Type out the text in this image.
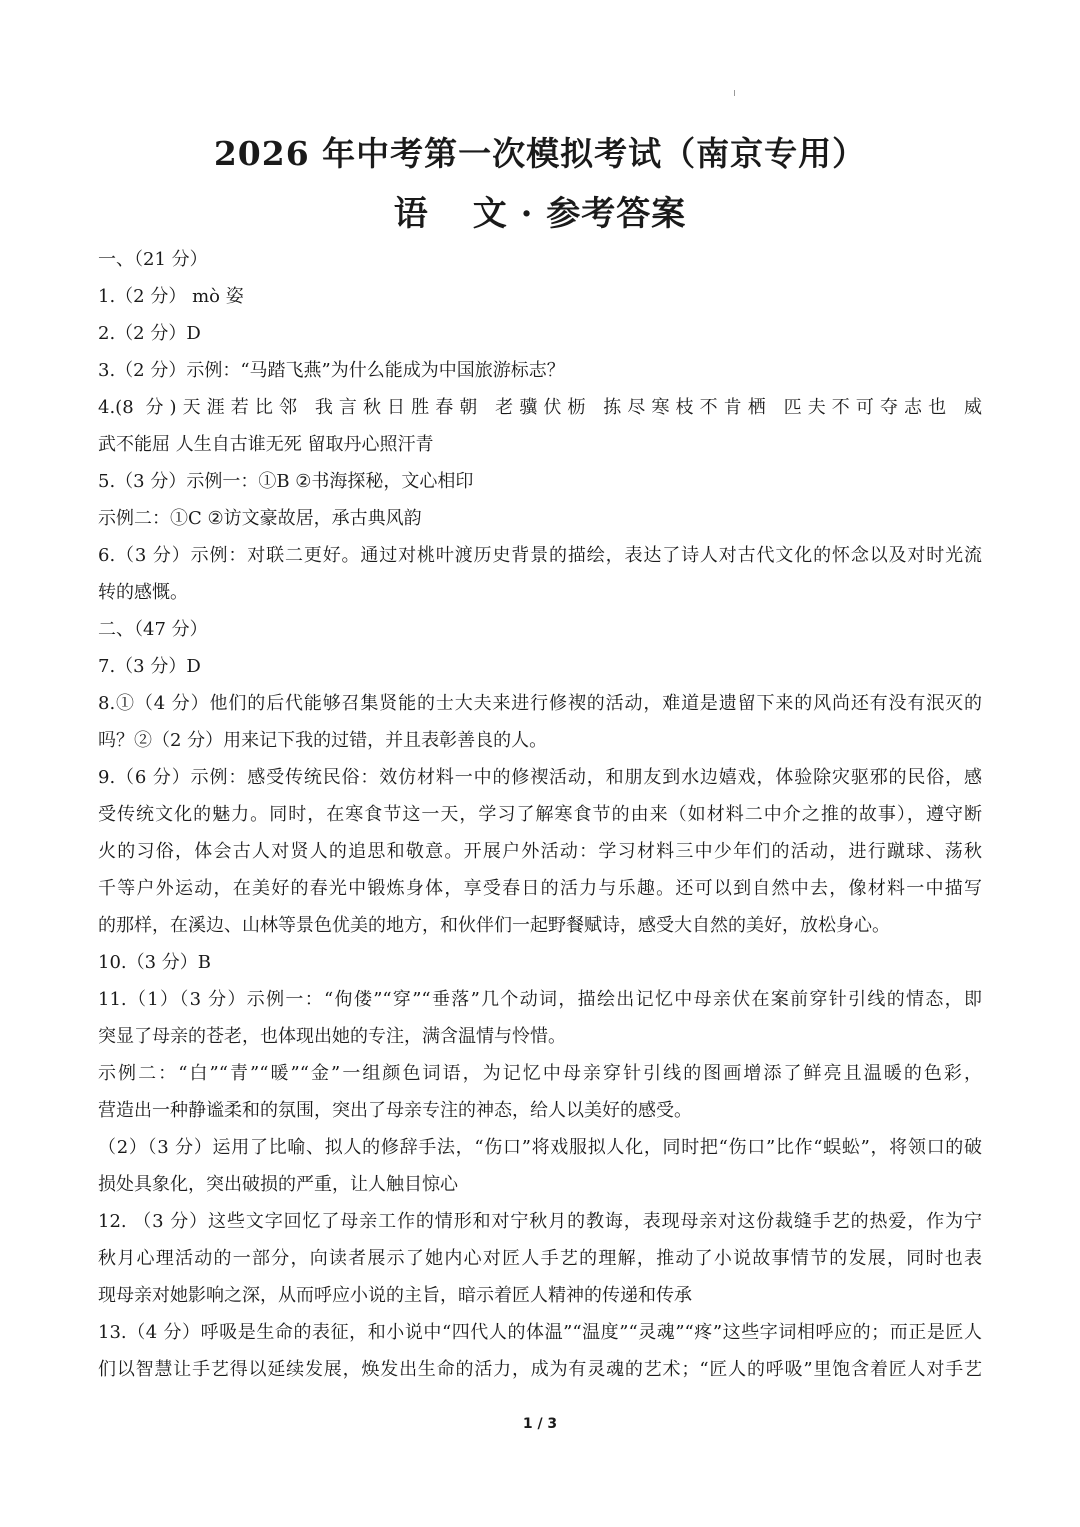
2026 年中考第一次模拟考试（南京专用）
语 文 · 参考答案
一、（21 分）
1.（2 分） mò 姿
2.（2 分）D
3.（2 分）示例：“马踏飞燕”为什么能成为中国旅游标志？
4.(8 分)天涯若比邻 我言秋日胜春朝 老骥伏枥 拣尽寒枝不肯栖 匹夫不可夺志也 威
武不能屈 人生自古谁无死 留取丹心照汗青
5.（3 分）示例一：①B ②书海探秘，文心相印
示例二：①C ②访文豪故居，承古典风韵
6.（3 分）示例：对联二更好。通过对桃叶渡历史背景的描绘，表达了诗人对古代文化的怀念以及对时光流
转的感慨。
二、（47 分）
7.（3 分）D
8.①（4 分）他们的后代能够召集贤能的士大夫来进行修禊的活动，难道是遗留下来的风尚还有没有泯灭的
吗？②（2 分）用来记下我的过错，并且表彰善良的人。
9.（6 分）示例：感受传统民俗：效仿材料一中的修禊活动，和朋友到水边嬉戏，体验除灾驱邪的民俗，感
受传统文化的魅力。同时，在寒食节这一天，学习了解寒食节的由来（如材料二中介之推的故事），遵守断
火的习俗，体会古人对贤人的追思和敬意。开展户外活动：学习材料三中少年们的活动，进行蹴球、荡秋
千等户外运动，在美好的春光中锻炼身体，享受春日的活力与乐趣。还可以到自然中去，像材料一中描写
的那样，在溪边、山林等景色优美的地方，和伙伴们一起野餐赋诗，感受大自然的美好，放松身心。
10.（3 分）B
11.（1）（3 分）示例一：“佝偻”“穿”“垂落”几个动词，描绘出记忆中母亲伏在案前穿针引线的情态，即
突显了母亲的苍老，也体现出她的专注，满含温情与怜惜。
示例二：“白”“青”“暖”“金”一组颜色词语，为记忆中母亲穿针引线的图画增添了鲜亮且温暖的色彩，
营造出一种静谧柔和的氛围，突出了母亲专注的神态，给人以美好的感受。
（2）（3 分）运用了比喻、拟人的修辞手法，“伤口”将戏服拟人化，同时把“伤口”比作“蜈蚣”，将领口的破
损处具象化，突出破损的严重，让人触目惊心
12. （3 分）这些文字回忆了母亲工作的情形和对宁秋月的教诲，表现母亲对这份裁缝手艺的热爱，作为宁
秋月心理活动的一部分，向读者展示了她内心对匠人手艺的理解，推动了小说故事情节的发展，同时也表
现母亲对她影响之深，从而呼应小说的主旨，暗示着匠人精神的传递和传承
13.（4 分）呼吸是生命的表征，和小说中“四代人的体温”“温度”“灵魂”“疼”这些字词相呼应的；而正是匠人
们以智慧让手艺得以延续发展，焕发出生命的活力，成为有灵魂的艺术；“匠人的呼吸”里饱含着匠人对手艺
1 / 3
